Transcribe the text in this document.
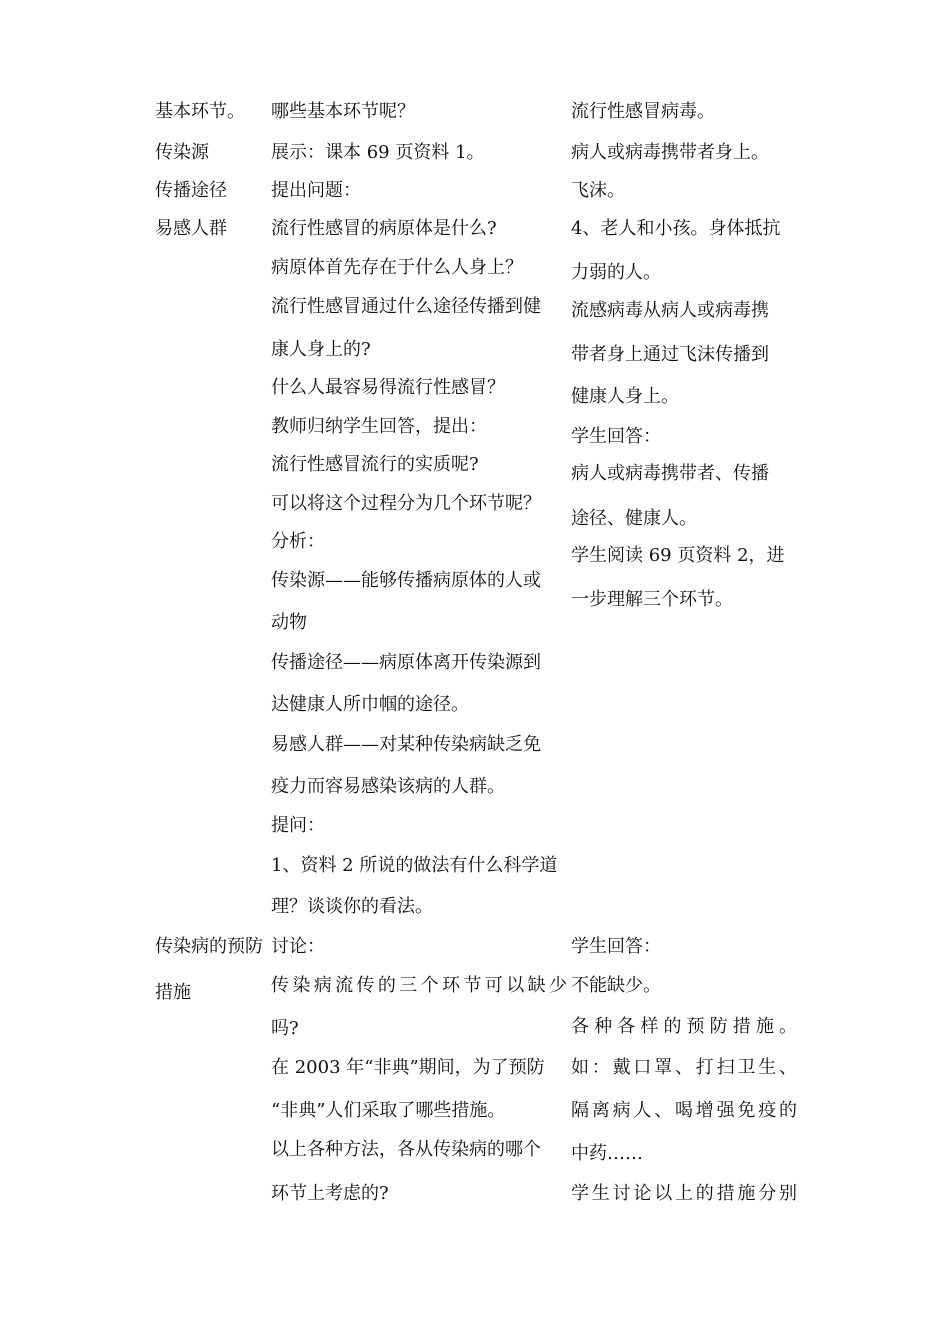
基本环节。
传染源
传播途径
易感人群
传染病的预防
措施
哪些基本环节呢？
展示：课本 69 页资料 1。
提出问题：
流行性感冒的病原体是什么?
病原体首先存在于什么人身上？
流行性感冒通过什么途径传播到健
康人身上的?
什么人最容易得流行性感冒？
教师归纳学生回答，提出：
流行性感冒流行的实质呢?
可以将这个过程分为几个环节呢？
分析：
传染源——能够传播病原体的人或
动物
传播途径——病原体离开传染源到
达健康人所巾帼的途径。
易感人群——对某种传染病缺乏免
疫力而容易感染该病的人群。
提问：
1、资料 2 所说的做法有什么科学道
理？谈谈你的看法。
讨论：
传染病流传的三个环节可以缺少
吗?
在 2003 年“非典”期间，为了预防
“非典”人们采取了哪些措施。
以上各种方法，各从传染病的哪个
环节上考虑的?
流行性感冒病毒。
病人或病毒携带者身上。
飞沫。
4、老人和小孩。身体抵抗
力弱的人。
流感病毒从病人或病毒携
带者身上通过飞沫传播到
健康人身上。
学生回答：
病人或病毒携带者、传播
途径、健康人。
学生阅读 69 页资料 2，进
一步理解三个环节。
学生回答：
不能缺少。
各种各样的预防措施。
如：戴口罩、打扫卫生、
隔离病人、喝增强免疫的
中药……
学生讨论以上的措施分别
